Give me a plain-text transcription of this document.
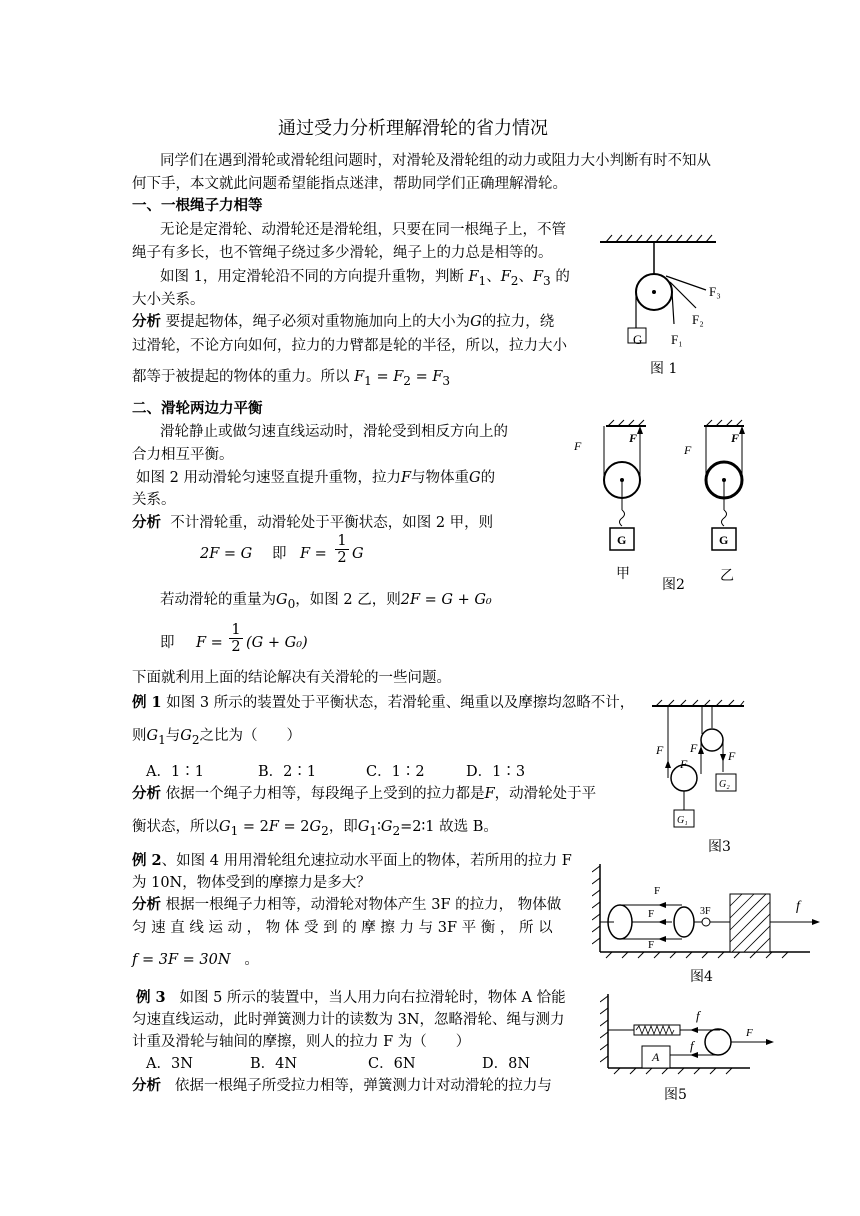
通过受力分析理解滑轮的省力情况
同学们在遇到滑轮或滑轮组问题时，对滑轮及滑轮组的动力或阻力大小判断有时不知从
何下手，本文就此问题希望能指点迷津，帮助同学们正确理解滑轮。
一、一根绳子力相等
无论是定滑轮、动滑轮还是滑轮组，只要在同一根绳子上，不管
绳子有多长，也不管绳子绕过多少滑轮，绳子上的力总是相等的。
如图 1，用定滑轮沿不同的方向提升重物，判断 $F_1$、$F_2$、$F_3$ 的
大小关系。
分析 要提起物体，绳子必须对重物施加向上的大小为G的拉力，绕
过滑轮，不论方向如何，拉力的力臂都是轮的半径，所以，拉力大小
都等于被提起的物体的重力。所以 $F_1 = F_2 = F_3$
G F₁
F₂
F₃
图 1
二、滑轮两边力平衡
滑轮静止或做匀速直线运动时，滑轮受到相反方向上的
合力相互平衡。
如图 2 用动滑轮匀速竖直提升重物，拉力F与物体重G的
关系。
分析 不计滑轮重，动滑轮处于平衡状态，如图 2 甲，则
2F = G 即 F =
1
2 G
若动滑轮的重量为$G_0$，如图 2 乙，则2F = G + G₀
即 F =
1
2 (G + G₀)
下面就利用上面的结论解决有关滑轮的一些问题。
F
F
G
甲
F
F
G
乙
图2
例 1 如图 3 所示的装置处于平衡状态，若滑轮重、绳重以及摩擦均忽略不计，
则$G_1$与$G_2$之比为（　　）
A．1∶1	B．2∶1	C．1∶2	D．1∶3
分析 依据一个绳子力相等，每段绳子上受到的拉力都是F，动滑轮处于平
衡状态，所以$G_1 = 2F = 2G_2$，即$G_1∶G_2=2∶1$ 故选 B。
F F
F
F
G₂
G₁
图3
例 2、如图 4 用用滑轮组允速拉动水平面上的物体，若所用的拉力 F
为 10N，物体受到的摩擦力是多大？
分析 根据一根绳子力相等，动滑轮对物体产生 3F 的拉力， 物体做
匀 速 直 线 运 动 ， 物 体 受 到 的 摩 擦 力 与 3F 平 衡 ， 所 以
f = 3F = 30N 。
F
F
F
3F	f
图4
例 3 如图 5 所示的装置中，当人用力向右拉滑轮时，物体 A 恰能
匀速直线运动，此时弹簧测力计的读数为 3N，忽略滑轮、绳与测力
计重及滑轮与轴间的摩擦，则人的拉力 F 为（　　）
A．3N	B．4N	C．6N	D．8N
分析 依据一根绳子所受拉力相等，弹簧测力计对动滑轮的拉力与
f
F
f
A
图5
